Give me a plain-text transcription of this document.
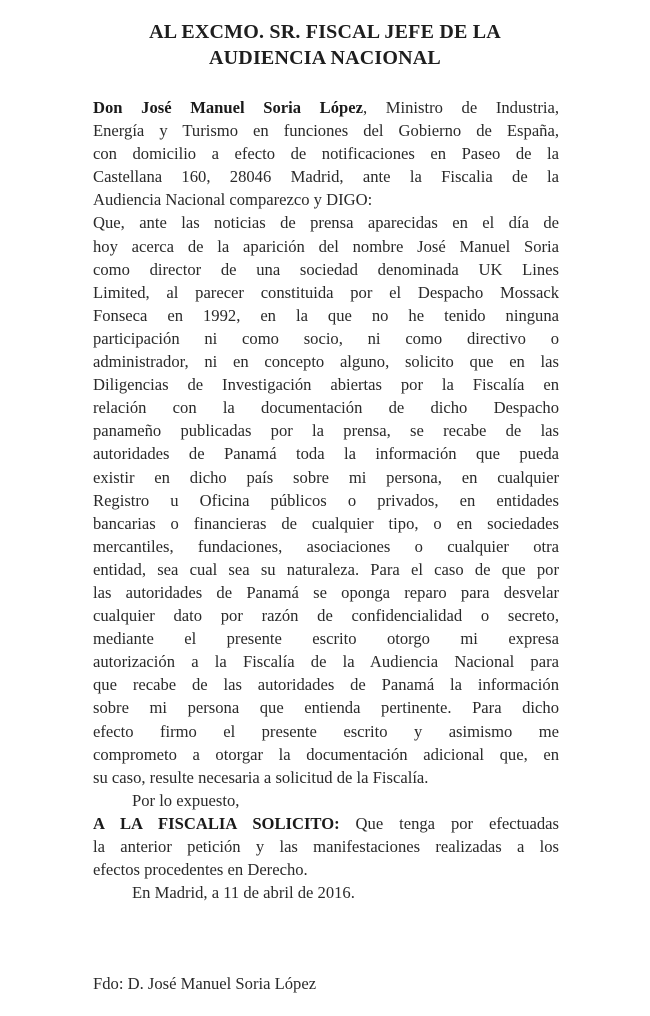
AL EXCMO. SR. FISCAL JEFE DE LA
AUDIENCIA NACIONAL
Don José Manuel Soria López, Ministro de Industria,
Energía y Turismo en funciones del Gobierno de España,
con domicilio a efecto de notificaciones en Paseo de la
Castellana 160, 28046 Madrid, ante la Fiscalia de la
Audiencia Nacional comparezco y DIGO:
Que, ante las noticias de prensa aparecidas en el día de
hoy acerca de la aparición del nombre José Manuel Soria
como director de una sociedad denominada UK Lines
Limited, al parecer constituida por el Despacho Mossack
Fonseca en 1992, en la que no he tenido ninguna
participación ni como socio, ni como directivo o
administrador, ni en concepto alguno, solicito que en las
Diligencias de Investigación abiertas por la Fiscalía en
relación con la documentación de dicho Despacho
panameño publicadas por la prensa, se recabe de las
autoridades de Panamá toda la información que pueda
existir en dicho país sobre mi persona, en cualquier
Registro u Oficina públicos o privados, en entidades
bancarias o financieras de cualquier tipo, o en sociedades
mercantiles, fundaciones, asociaciones o cualquier otra
entidad, sea cual sea su naturaleza. Para el caso de que por
las autoridades de Panamá se oponga reparo para desvelar
cualquier dato por razón de confidencialidad o secreto,
mediante el presente escrito otorgo mi expresa
autorización a la Fiscalía de la Audiencia Nacional para
que recabe de las autoridades de Panamá la información
sobre mi persona que entienda pertinente. Para dicho
efecto firmo el presente escrito y asimismo me
comprometo a otorgar la documentación adicional que, en
su caso, resulte necesaria a solicitud de la Fiscalía.
Por lo expuesto,
A LA FISCALIA SOLICITO: Que tenga por efectuadas
la anterior petición y las manifestaciones realizadas a los
efectos procedentes en Derecho.
En Madrid, a 11 de abril de 2016.
Fdo: D. José Manuel Soria López
